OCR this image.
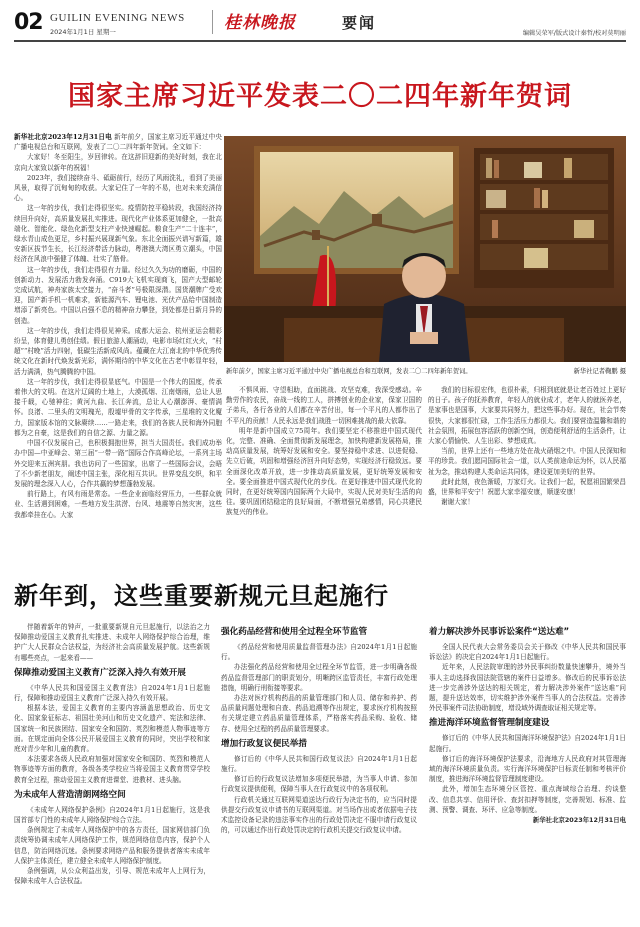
02 GUILIN EVENING NEWS
2024年1月1日 星期一	桂林晚报	要闻
编辑吴荣军/版式设计秦哲/校对莫明丽
国家主席习近平发表二〇二四年新年贺词

新华社北京2023年12月31日电 新年前夕，国家主席习近平通过中央广播电视总台和互联网，发表了二〇二四年新年贺词。全文如下：

大家好！冬至阳生，岁回律转。在这辞旧迎新的美好时刻，我在北京向大家致以新年的祝福！

2023年，我们接续奋斗、砥砺前行，经历了风雨洗礼，看到了美丽风景，取得了沉甸甸的收获。大家记住了一年的不易，也对未来充满信心。

这一年的步伐，我们走得很坚实。疫情防控平稳转段，我国经济持续回升向好，高质量发展扎实推进。现代化产业体系更加健全，一批高端化、智能化、绿色化新型支柱产业快速崛起。粮食生产“二十连丰”，绿水青山成色更足，乡村振兴展现新气象。东北全面振兴谱写新篇，雄安新区拔节生长，长江经济带活力脉动，粤港澳大湾区勇立潮头，中国经济在风浪中强健了体魄、壮实了筋骨。

这一年的步伐，我们走得很有力量。经过久久为功的磨砺，中国的创新动力、发展活力勃发奔涌。C919大飞机实现商飞，国产大型邮轮完成试航，神舟家族太空接力，“奋斗者”号极限深潜。国货潮牌广受欢迎，国产新手机一机难求，新能源汽车、锂电池、光伏产品给中国制造增添了新亮色。中国以自强不息的精神奋力攀登，到处都是日新月异的创造。

这一年的步伐，我们走得很见神采。成都大运会、杭州亚运会精彩纷呈，体育健儿勇创佳绩。假日旅游人潮涌动，电影市场红红火火，“村超”“村晚”活力四射，低碳生活新成风尚。蕴藏在大江南北的中华优秀传统文化在新时代焕发新光彩，满怀期待的中华文化在古老中彰显年轻，活力满满，热气腾腾的中国。

这一年的步伐，我们走得很显底气。中国是一个伟大的国度，传承着伟大的文明。在这片辽阔的土地上，大漠孤烟、江南烟雨，总让人思接千载，心驰神往；黄河九曲、长江奔流，总让人心潮澎湃、豪情满怀。良渚、二里头的文明瑰光，殷墟甲骨的文字传承，三星堆的文化魔力，国家版本馆的文脉赓续……一路走来，我们的各族人民和海外同胞都为之自豪，这是我们的自信之源、力量之源。

中国不仅发展自己，也积极拥抱世界，担当大国责任。我们成功举办中国—中亚峰会、第三届“一带一路”国际合作高峰论坛，一系列主场外交迎来五洲宾朋。我也访问了一些国家，出席了一些国际会议，会晤了不少新老朋友，阐述中国主张，深化相互共识。世界变乱交织，和平发展的理念深入人心，合作共赢的梦想蓬勃发展。

前行路上，有风有雨是常态。一些企业面临经营压力，一些群众就业、生活遇到困难，一些地方发生洪涝、台风、地震等自然灾害，这些我都牵挂在心。大家

新年前夕，国家主席习近平通过中央广播电视总台和互联网，发表二〇二四年新年贺词。	新华社记者鞠鹏 摄

不惧风雨、守望相助，直面挑战、攻坚克难，我深受感动。辛勤劳作的农民，奋战一线的工人，拼搏创业的企业家，保家卫国的子弟兵，各行各业的人们都在辛苦付出，每一个平凡的人都作出了不平凡的贡献！人民永远是我们战胜一切困难挑战的最大依靠。

明年是新中国成立75周年。我们要坚定不移推进中国式现代化，完整、准确、全面贯彻新发展理念，加快构建新发展格局，推动高质量发展，统筹好发展和安全。要坚持稳中求进、以进促稳、先立后破，巩固和增强经济回升向好态势，实现经济行稳致远。要全面深化改革开放，进一步推动高质量发展，更好统筹发展和安全。要全面推进中国式现代化的步伐。在更好推进中国式现代化的同时，在更好统筹国内国际两个大局中，实现人民对美好生活的向往。要巩固团结稳定的良好局面，不断增强兄弟感情，同心共建民族复兴的伟业。

我们的目标很宏伟，也很朴素，归根到底就是让老百姓过上更好的日子。孩子的抚养教育，年轻人的就业成才，老年人的就医养老，是家事也是国事，大家要共同努力，把这些事办好。现在，社会节奏很快，大家都很忙碌，工作生活压力都很大。我们要营造温馨和谐的社会氛围，拓展包容活跃的创新空间，创造便利舒适的生活条件，让大家心情愉快、人生出彩、梦想成真。

当前，世界上还有一些地方处在战火硝烟之中。中国人民深知和平的珍贵。我们愿同国际社会一道，以人类前途命运为怀，以人民福祉为念，推动构建人类命运共同体，建设更加美好的世界。

此时此刻，夜色渐暖，万家灯火。让我们一起，祝愿祖国繁荣昌盛，世界和平安宁！祝愿大家幸福安康，顺遂安康！

谢谢大家！

新年到，这些重要新规元旦起施行

伴随着新年的钟声，一批重要新规自元旦起施行，以法治之力保障推动爱国主义教育扎实推进、未成年人网络保护综合治理，维护广大人民群众合法权益，为经济社会高质量发展护航。这些新规有哪些亮点，一起来看——

保障推动爱国主义教育广泛深入持久有效开展

《中华人民共和国爱国主义教育法》自2024年1月1日起施行，保障和推动爱国主义教育广泛深入持久有效开展。

根据本法，爱国主义教育的主要内容涵盖思想政治、历史文化、国家象征标志、祖国壮美河山和历史文化遗产、宪法和法律、国家统一和民族团结、国家安全和国防、英烈和模范人物事迹等方面。在规定面向全体公民开展爱国主义教育的同时，突出学校和家庭对青少年和儿童的教育。

本法要求各级人民政府加强对国家安全和国防、英烈和模范人物事迹等方面的教育，各级各类学校应当将爱国主义教育贯穿学校教育全过程，推动爱国主义教育进课堂、进教材、进头脑。

为未成年人营造清朗网络空间

《未成年人网络保护条例》自2024年1月1日起施行，这是我国首部专门性的未成年人网络保护综合立法。

条例规定了未成年人网络保护中的各方责任，国家网信部门负责统筹协调未成年人网络保护工作，规范网络信息内容，保护个人信息，防治网络沉迷。条例要求网络产品和服务提供者落实未成年人保护主体责任，建立健全未成年人网络保护制度。

条例强调，从公众利益出发，引导、规范未成年人上网行为，保障未成年人合法权益。

强化药品经营和使用全过程全环节监管

《药品经营和使用质量监督管理办法》自2024年1月1日起施行。

办法强化药品经营和使用全过程全环节监管，进一步明确各级药品监督管理部门的职责划分，明晰跨区监管责任，丰富行政处理措施，明确行刑衔接等要求。

办法对医疗机构药品的质量管理部门和人员、储存和养护、药品质量问题处理和自查、药品追溯等作出规定，要求医疗机构按照有关规定建立药品质量管理体系，严格落实药品采购、验收、储存、使用全过程的药品质量管理要求。

增加行政复议便民举措

修订后的《中华人民共和国行政复议法》自2024年1月1日起施行。

修订后的行政复议法增加多项便民举措，为当事人申请、参加行政复议提供便利，保障当事人在行政复议中的各项权利。

行政机关通过互联网渠道送达行政行为决定书的，应当同时提供提交行政复议申请书的互联网渠道。对当场作出或者依据电子技术监控设备记录的违法事实作出的行政处罚决定不服申请行政复议的，可以通过作出行政处罚决定的行政机关提交行政复议申请。

着力解决涉外民事诉讼案件“送达难”

全国人民代表大会常务委员会关于修改《中华人民共和国民事诉讼法》的决定自2024年1月1日起施行。

近年来，人民法院审理的涉外民事纠纷数量快速攀升，境外当事人主动选择我国法院管辖的案件日益增多。修改后的民事诉讼法进一步完善涉外送达的相关规定，着力解决涉外案件“送达难”问题，提升送达效率，切实维护涉外案件当事人的合法权益。完善涉外民事案件司法协助制度，增设域外调查取证相关规定等。

推进海洋环境监督管理制度建设

修订后的《中华人民共和国海洋环境保护法》自2024年1月1日起施行。

修订后的海洋环境保护法要求，沿海地方人民政府对其管理海域的海洋环境质量负责。实行海洋环境保护目标责任制和考核评价制度，推进海洋环境监督管理制度建设。

此外，增加生态环境分区管控、重点海域综合治理、约谈整改、信息共享、信用评价、查封扣押等制度，完善规划、标准、监测、预警、调查、环评、应急等制度。

新华社北京2023年12月31日电
